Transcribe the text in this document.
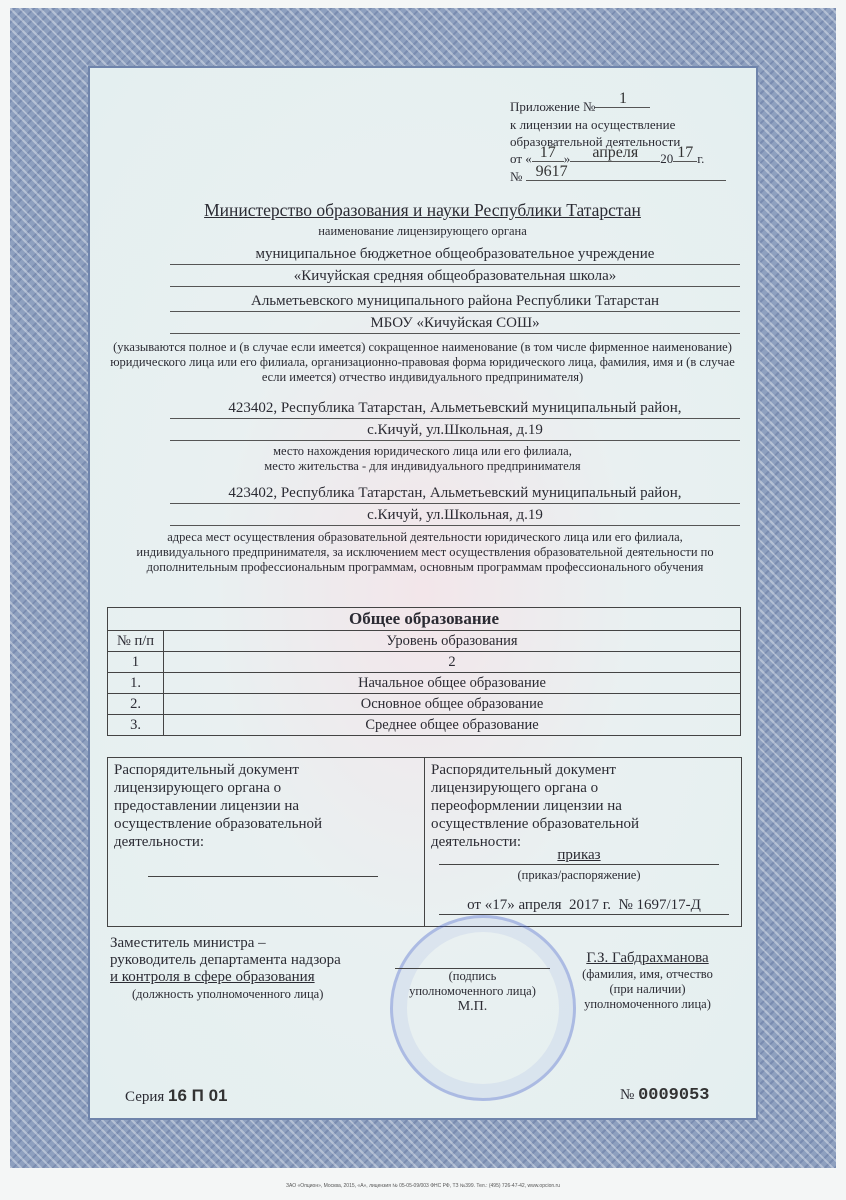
Приложение № 1
к лицензии на осуществление
образовательной деятельности
от « 17 » апреля 20 17 г.
№ 9617
Министерство образования и науки Республики Татарстан
наименование лицензирующего органа
муниципальное бюджетное общеобразовательное учреждение
«Кичуйская средняя общеобразовательная школа»
Альметьевского муниципального района Республики Татарстан
МБОУ «Кичуйская СОШ»
(указываются полное и (в случае если имеется) сокращенное наименование (в том числе фирменное наименование) юридического лица или его филиала, организационно-правовая форма юридического лица, фамилия, имя и (в случае если имеется) отчество индивидуального предпринимателя)
423402, Республика Татарстан, Альметьевский муниципальный район,
с.Кичуй, ул.Школьная, д.19
место нахождения юридического лица или его филиала,
место жительства - для индивидуального предпринимателя
423402, Республика Татарстан, Альметьевский муниципальный район,
с.Кичуй, ул.Школьная, д.19
адреса мест осуществления образовательной деятельности юридического лица или его филиала, индивидуального предпринимателя, за исключением мест осуществления образовательной деятельности по дополнительным профессиональным программам, основным программам профессионального обучения
Общее образование	
№ п/п	Уровень образования
1	2
1.	Начальное общее образование
2.	Основное общее образование
3.	Среднее общее образование
Распорядительный документ лицензирующего органа о предоставлении лицензии на осуществление образовательной деятельности:
Распорядительный документ лицензирующего органа о переоформлении лицензии на осуществление образовательной деятельности:
приказ
(приказ/распоряжение)
от «17» апреля  2017 г.  № 1697/17-Д
Заместитель министра –
руководитель департамента надзора
и контроля в сфере образования
(должность уполномоченного лица)
(подпись
уполномоченного лица)
М.П.
Г.З. Габдрахманова
(фамилия, имя, отчество
(при наличии)
уполномоченного лица)
Серия 16 П 01	№ 0009053
ЗАО «Опцион», Москва, 2015, «А», лицензия № 05-05-09/003 ФНС РФ, ТЗ №399. Тел.: (495) 726-47-42, www.opcion.ru
